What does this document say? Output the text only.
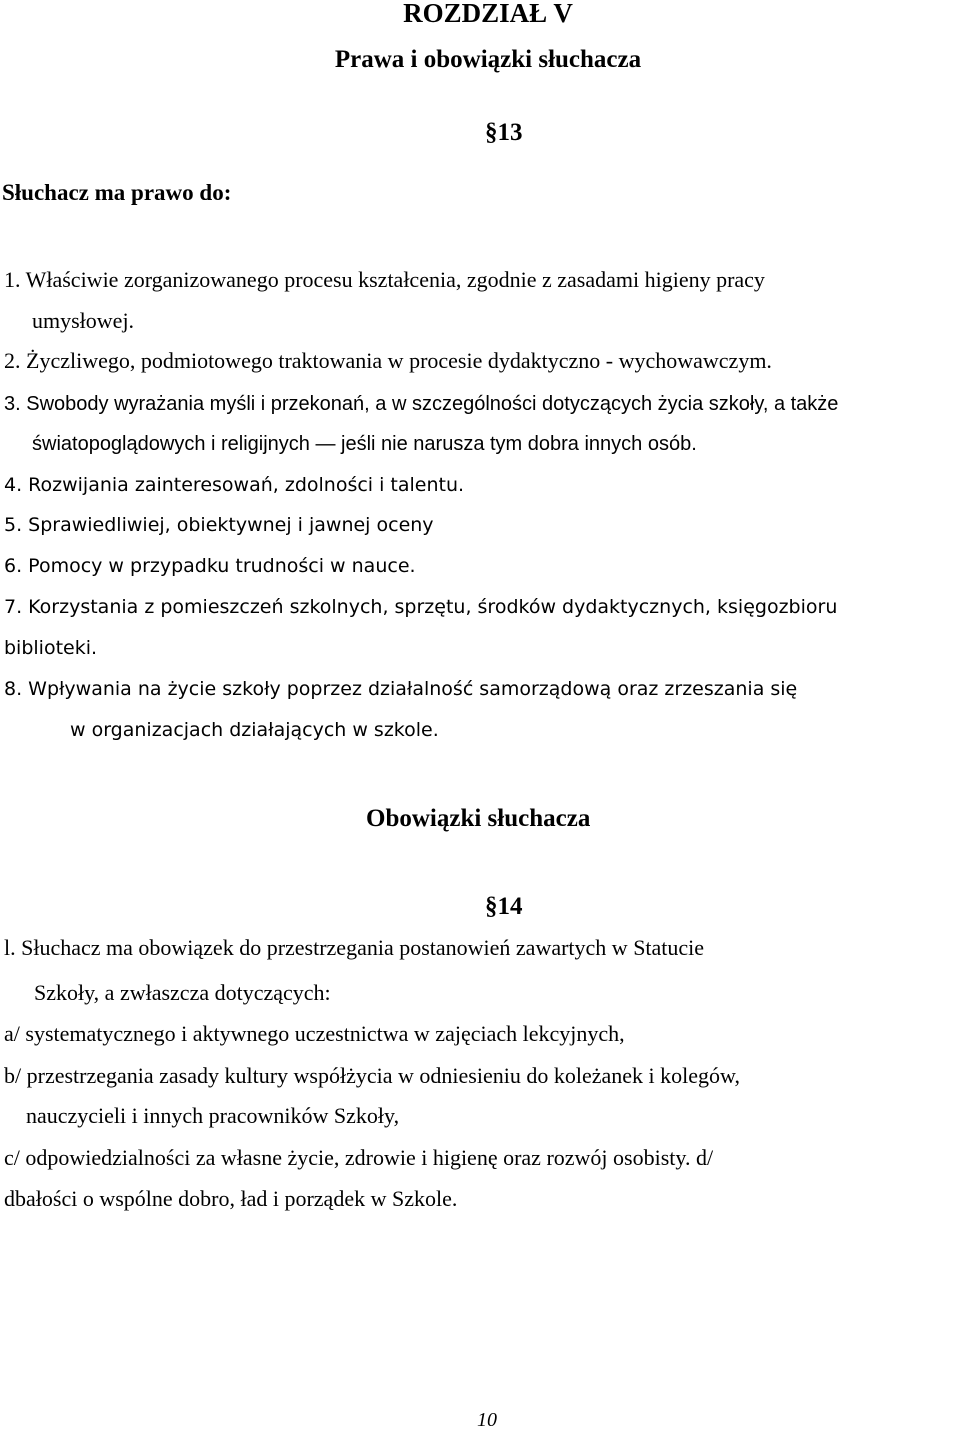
ROZDZIAŁ V

Prawa i obowiązki słuchacza

§13

Słuchacz ma prawo do:

1. Właściwie zorganizowanego procesu kształcenia, zgodnie z zasadami higieny pracy

umysłowej.

2. Życzliwego, podmiotowego traktowania w procesie dydaktyczno - wychowawczym.

3. Swobody wyrażania myśli i przekonań, a w szczególności dotyczących życia szkoły, a także

światopoglądowych i religijnych — jeśli nie narusza tym dobra innych osób.

4. Rozwijania zainteresowań, zdolności i talentu.

5. Sprawiedliwiej, obiektywnej i jawnej oceny

6. Pomocy w przypadku trudności w nauce.

7. Korzystania z pomieszczeń szkolnych, sprzętu, środków dydaktycznych, księgozbioru

biblioteki.

8. Wpływania na życie szkoły poprzez działalność samorządową oraz zrzeszania się

w organizacjach działających w szkole.

Obowiązki słuchacza

§14

l. Słuchacz ma obowiązek do przestrzegania postanowień zawartych w Statucie

Szkoły, a zwłaszcza dotyczących:

a/ systematycznego i aktywnego uczestnictwa w zajęciach lekcyjnych,

b/ przestrzegania zasady kultury współżycia w odniesieniu do koleżanek i kolegów,

nauczycieli i innych pracowników Szkoły,

c/ odpowiedzialności za własne życie, zdrowie i higienę oraz rozwój osobisty. d/

dbałości o wspólne dobro, ład i porządek w Szkole.

10
